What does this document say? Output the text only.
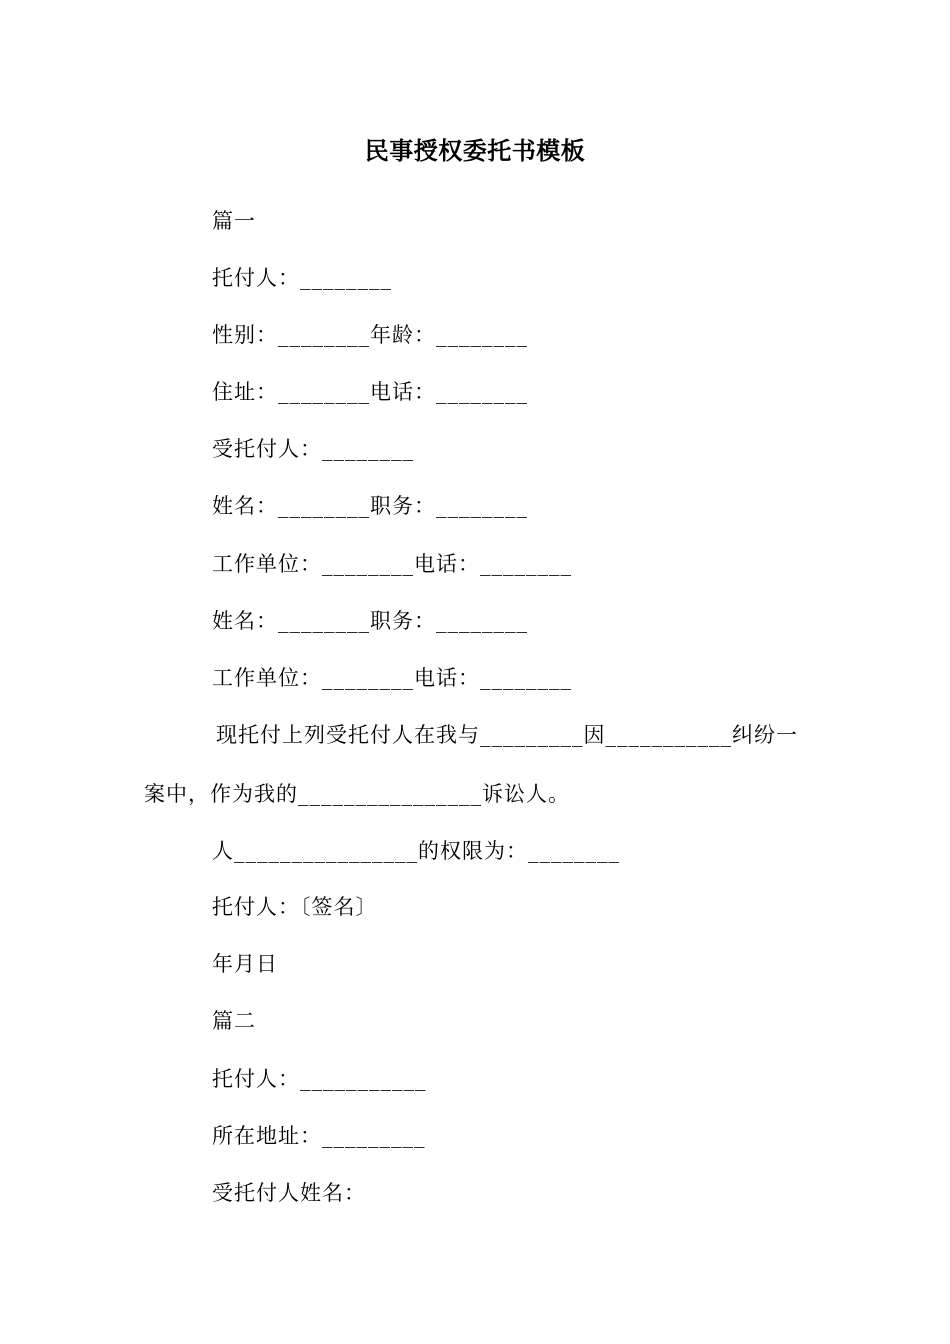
民事授权委托书模板
篇一
托付人：________
性别：________年龄：________
住址：________电话：________
受托付人：________
姓名：________职务：________
工作单位：________电话：________
姓名：________职务：________
工作单位：________电话：________
现托付上列受托付人在我与_________因___________纠纷一
案中，作为我的________________诉讼人。
人________________的权限为：________
托付人：〔签名〕
年月日
篇二
托付人：___________
所在地址：_________
受托付人姓名：
